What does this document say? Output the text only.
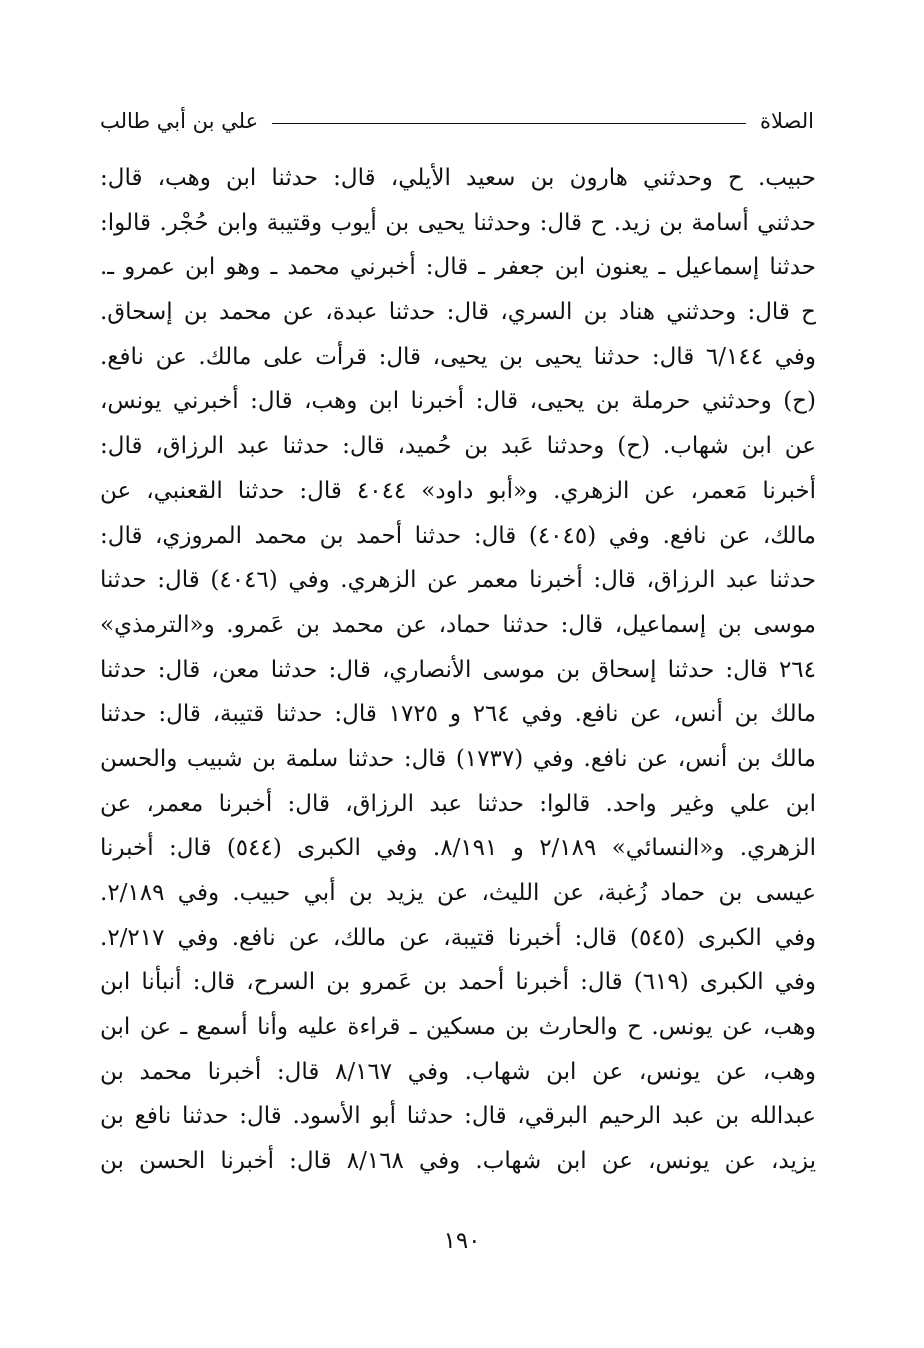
الصلاة
علي بن أبي طالب
حبيب. ح وحدثني هارون بن سعيد الأيلي، قال: حدثنا ابن وهب، قال:
حدثني أسامة بن زيد. ح قال: وحدثنا يحيى بن أيوب وقتيبة وابن حُجْر. قالوا:
حدثنا إسماعيل ـ يعنون ابن جعفر ـ قال: أخبرني محمد ـ وهو ابن عمرو ـ.
ح قال: وحدثني هناد بن السري، قال: حدثنا عبدة، عن محمد بن إسحاق.
وفي ٦/١٤٤ قال: حدثنا يحيى بن يحيى، قال: قرأت على مالك. عن نافع.
(ح) وحدثني حرملة بن يحيى، قال: أخبرنا ابن وهب، قال: أخبرني يونس،
عن ابن شهاب. (ح) وحدثنا عَبد بن حُميد، قال: حدثنا عبد الرزاق، قال:
أخبرنا مَعمر، عن الزهري. و«أبو داود» ٤٠٤٤ قال: حدثنا القعنبي، عن
مالك، عن نافع. وفي (٤٠٤٥) قال: حدثنا أحمد بن محمد المروزي، قال:
حدثنا عبد الرزاق، قال: أخبرنا معمر عن الزهري. وفي (٤٠٤٦) قال: حدثنا
موسى بن إسماعيل، قال: حدثنا حماد، عن محمد بن عَمرو. و«الترمذي»
٢٦٤ قال: حدثنا إسحاق بن موسى الأنصاري، قال: حدثنا معن، قال: حدثنا
مالك بن أنس، عن نافع. وفي ٢٦٤ و ١٧٢٥ قال: حدثنا قتيبة، قال: حدثنا
مالك بن أنس، عن نافع. وفي (١٧٣٧) قال: حدثنا سلمة بن شبيب والحسن
ابن علي وغير واحد. قالوا: حدثنا عبد الرزاق، قال: أخبرنا معمر، عن
الزهري. و«النسائي» ٢/١٨٩ و ٨/١٩١. وفي الكبرى (٥٤٤) قال: أخبرنا
عيسى بن حماد زُغبة، عن الليث، عن يزيد بن أبي حبيب. وفي ٢/١٨٩.
وفي الكبرى (٥٤٥) قال: أخبرنا قتيبة، عن مالك، عن نافع. وفي ٢/٢١٧.
وفي الكبرى (٦١٩) قال: أخبرنا أحمد بن عَمرو بن السرح، قال: أنبأنا ابن
وهب، عن يونس. ح والحارث بن مسكين ـ قراءة عليه وأنا أسمع ـ عن ابن
وهب، عن يونس، عن ابن شهاب. وفي ٨/١٦٧ قال: أخبرنا محمد بن
عبدالله بن عبد الرحيم البرقي، قال: حدثنا أبو الأسود. قال: حدثنا نافع بن
يزيد، عن يونس، عن ابن شهاب. وفي ٨/١٦٨ قال: أخبرنا الحسن بن
١٩٠
